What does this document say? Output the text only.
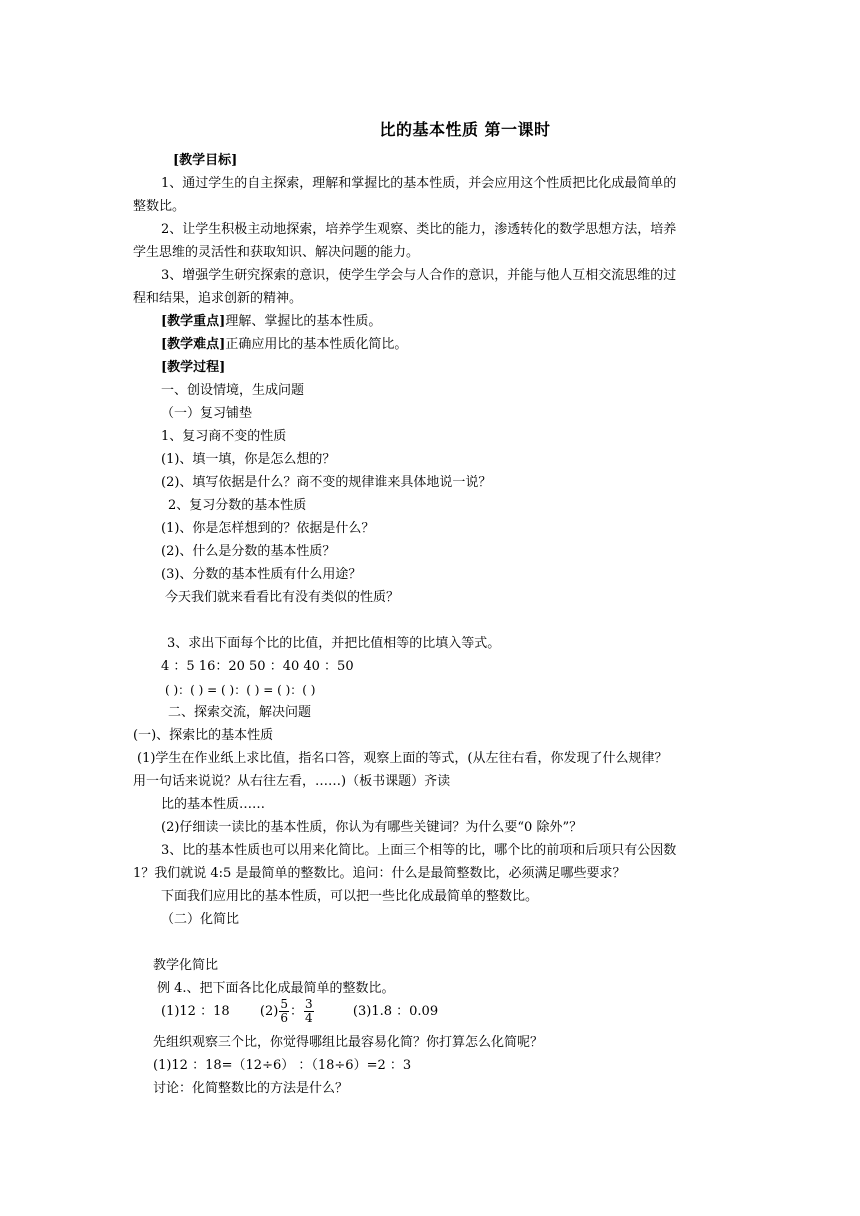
比的基本性质 第一课时
[教学目标]
1、通过学生的自主探索，理解和掌握比的基本性质，并会应用这个性质把比化成最简单的
整数比。
2、让学生积极主动地探索，培养学生观察、类比的能力，渗透转化的数学思想方法，培养
学生思维的灵活性和获取知识、解决问题的能力。
3、增强学生研究探索的意识，使学生学会与人合作的意识，并能与他人互相交流思维的过
程和结果，追求创新的精神。
[教学重点]理解、掌握比的基本性质。
[教学难点]正确应用比的基本性质化简比。
[教学过程]
一、创设情境，生成问题
（一）复习铺垫
1、复习商不变的性质
(1)、填一填，你是怎么想的？
(2)、填写依据是什么？商不变的规律谁来具体地说一说？
2、复习分数的基本性质
(1)、你是怎样想到的？依据是什么？
(2)、什么是分数的基本性质？
(3)、分数的基本性质有什么用途？
今天我们就来看看比有没有类似的性质？
3、求出下面每个比的比值，并把比值相等的比填入等式。
4 ：5 16：20 50 ：40 40 ：50
( )：( ) = ( )：( ) = ( )：( )
二、探索交流，解决问题
(一)、探索比的基本性质
(1)学生在作业纸上求比值，指名口答，观察上面的等式，(从左往右看，你发现了什么规律？
用一句话来说说？从右往左看，……)（板书课题）齐读
比的基本性质……
(2)仔细读一读比的基本性质，你认为有哪些关键词？为什么要“0 除外”？
3、比的基本性质也可以用来化简比。上面三个相等的比，哪个比的前项和后项只有公因数
1？我们就说 4:5 是最简单的整数比。追问：什么是最简整数比，必须满足哪些要求？
下面我们应用比的基本性质，可以把一些比化成最简单的整数比。
（二）化简比
教学化简比
例 4.、把下面各比化成最简单的整数比。
(1)12 ：18 $(2) \frac{5}{6}$ ： $\frac{3}{4}$	(3)1.8 ：0.09
先组织观察三个比，你觉得哪组比最容易化简？你打算怎么化简呢？
(1)12 ：18=（12÷6） ：（18÷6）=2 ：3
讨论：化简整数比的方法是什么？
